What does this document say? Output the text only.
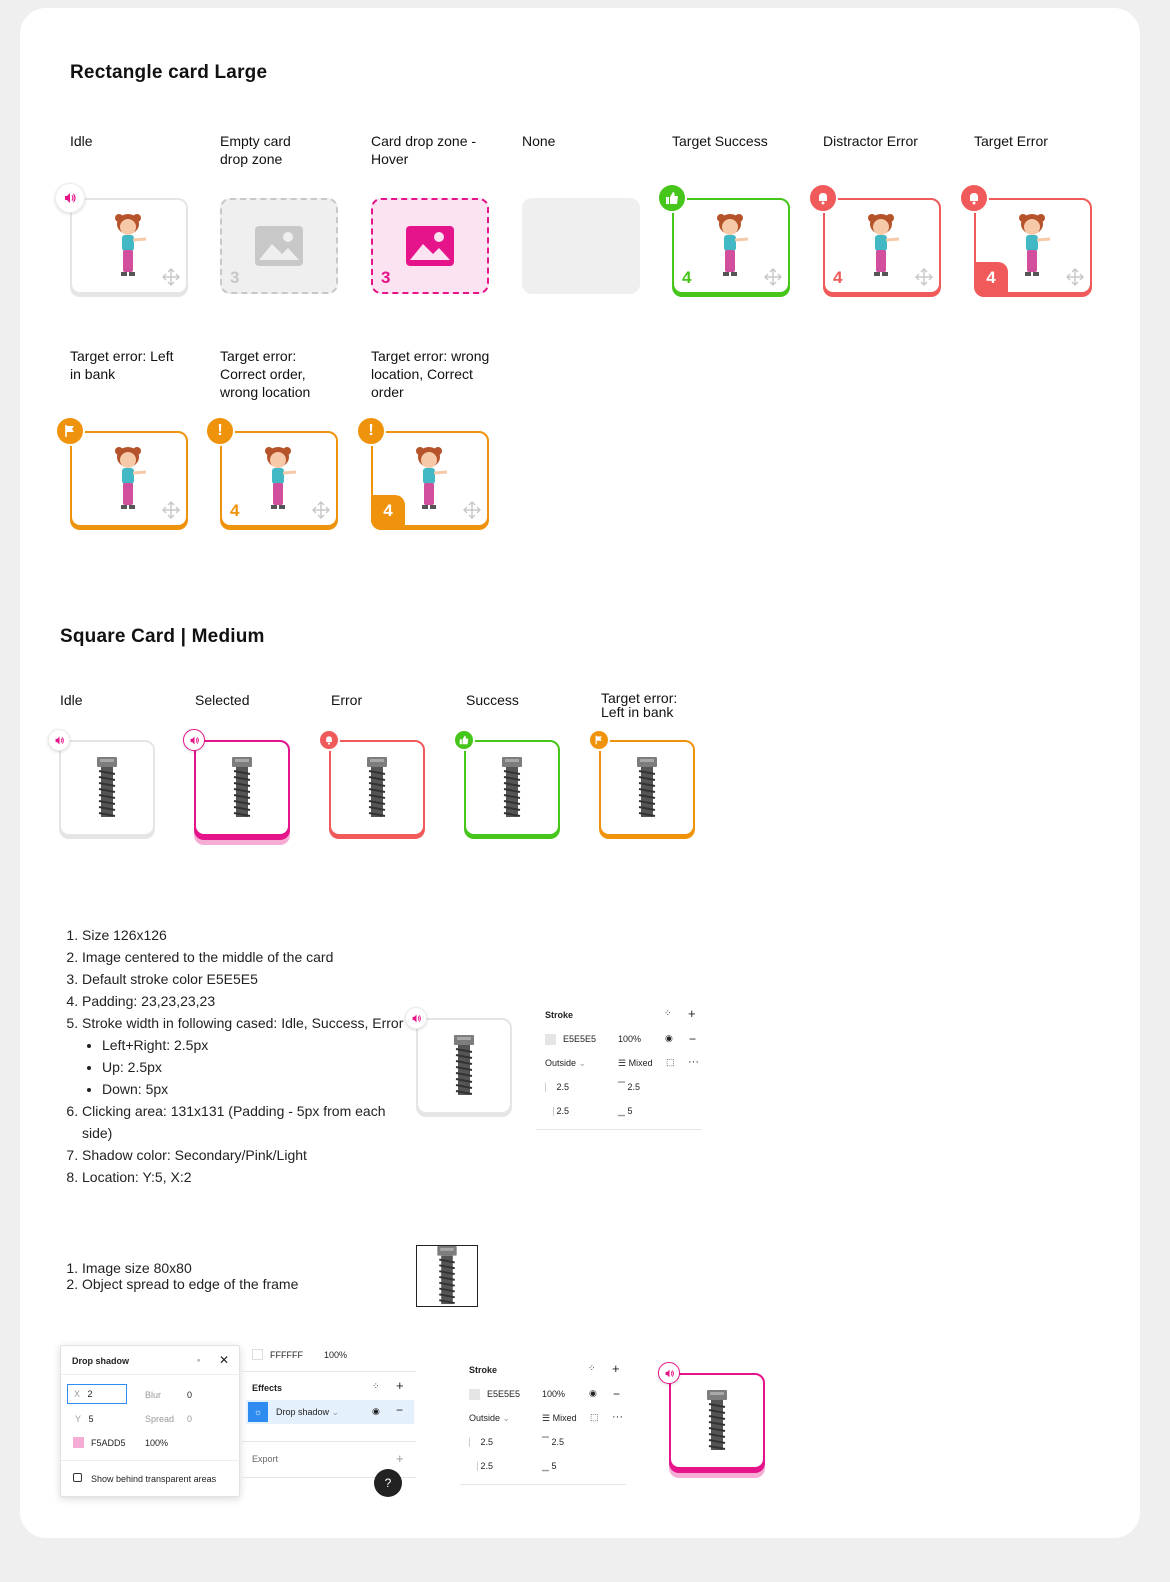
Rectangle card Large
Idle	Empty card drop zone
Card drop zone - Hover
None	Target Success	Distractor Error	Target Error
3	3	4	4	4
Target error: Left in bank
Target error: Correct order, wrong location
Target error: wrong location, Correct order
4
!
4
!
Square Card | Medium
Idle	Selected	Error	Success	Target error: Left in bank
1. Size 126x126
2. Image centered to the middle of the card
3. Default stroke color E5E5E5
4. Padding: 23,23,23,23
5. Stroke width in following cased: Idle, Success, Error
• Left+Right: 2.5px
• Up: 2.5px
• Down: 5px
6. Clicking area: 131x131 (Padding - 5px from each side)
7. Shadow color: Secondary/Pink/Light
8. Location: Y:5, X:2
Stroke	⁘ +
E5E5E5 100%	◉ −
Outside ⌄	☰ Mixed ⬚ ···
⎸ 2.5	▔ 2.5
⎹ 2.5	▁ 5
1. Image size 80x80
2. Object spread to edge of the frame
Drop shadow	◦ ✕
X 2	Blur	0
Y 5	Spread 0
F5ADD5 100%
Show behind transparent areas
FFFFFF 100%
Effects	⁘ +
☼	Drop shadow ⌄	◉ −
Export	+
?
Stroke	⁘ +
E5E5E5 100%	◉ −
Outside ⌄	☰ Mixed ⬚ ···
⎸ 2.5	▔ 2.5
⎹ 2.5	▁ 5
